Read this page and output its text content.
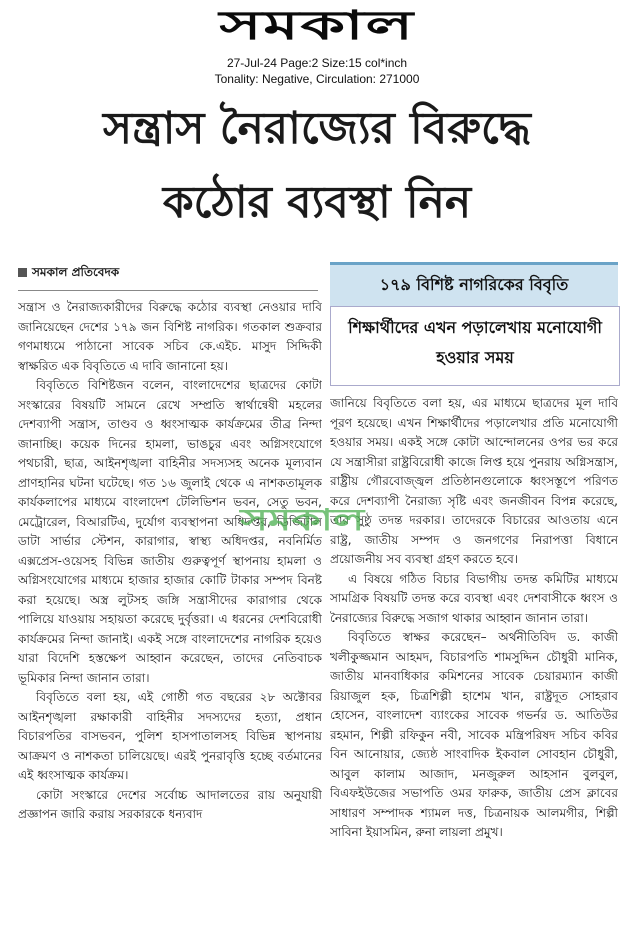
সমকাল
27-Jul-24 Page:2 Size:15 col*inch
Tonality: Negative, Circulation: 271000
সন্ত্রাস নৈরাজ্যের বিরুদ্ধে
কঠোর ব্যবস্থা নিন
সমকাল প্রতিবেদক

সন্ত্রাস ও নৈরাজ্যকারীদের বিরুদ্ধে কঠোর ব্যবস্থা নেওয়ার দাবি জানিয়েছেন দেশের ১৭৯ জন বিশিষ্ট নাগরিক। গতকাল শুক্রবার গণমাধ্যমে পাঠানো সাবেক সচিব কে.এইচ. মাসুদ সিদ্দিকী স্বাক্ষরিত এক বিবৃতিতে এ দাবি জানানো হয়।

বিবৃতিতে বিশিষ্টজন বলেন, বাংলাদেশের ছাত্রদের কোটা সংস্কারের বিষয়টি সামনে রেখে সম্প্রতি স্বার্থান্বেষী মহলের দেশব্যাপী সন্ত্রাস, তাণ্ডব ও ধ্বংসাত্মক কার্যক্রমের তীব্র নিন্দা জানাচ্ছি। কয়েক দিনের হামলা, ভাঙচুর এবং অগ্নিসংযোগে পথচারী, ছাত্র, আইনশৃঙ্খলা বাহিনীর সদস্যসহ অনেক মূল্যবান প্রাণহানির ঘটনা ঘটেছে। গত ১৬ জুলাই থেকে এ নাশকতামূলক কার্যকলাপের মাধ্যমে বাংলাদেশ টেলিভিশন ভবন, সেতু ভবন, মেট্রোরেল, বিআরটিএ, দুর্যোগ ব্যবস্থাপনা অধিদপ্তর, ডিজিটাল ডাটা সার্ভার স্টেশন, কারাগার, স্বাস্থ্য অধিদপ্তর, নবনির্মিত এক্সপ্রেস-ওয়েসহ বিভিন্ন জাতীয় গুরুত্বপূর্ণ স্থাপনায় হামলা ও অগ্নিসংযোগের মাধ্যমে হাজার হাজার কোটি টাকার সম্পদ বিনষ্ট করা হয়েছে। অস্ত্র লুটসহ জঙ্গি সন্ত্রাসীদের কারাগার থেকে পালিয়ে যাওয়ায় সহায়তা করেছে দুর্বৃত্তরা। এ ধরনের দেশবিরোধী কার্যক্রমের নিন্দা জানাই। একই সঙ্গে বাংলাদেশের নাগরিক হয়েও যারা বিদেশি হস্তক্ষেপ আহ্বান করেছেন, তাদের নেতিবাচক ভূমিকার নিন্দা জানান তারা।

বিবৃতিতে বলা হয়, এই গোষ্ঠী গত বছরের ২৮ অক্টোবর আইনশৃঙ্খলা রক্ষাকারী বাহিনীর সদস্যদের হত্যা, প্রধান বিচারপতির বাসভবন, পুলিশ হাসপাতালসহ বিভিন্ন স্থাপনায় আক্রমণ ও নাশকতা চালিয়েছে। এরই পুনরাবৃত্তি হচ্ছে বর্তমানের এই ধ্বংসাত্মক কার্যক্রম।

কোটা সংস্কারে দেশের সর্বোচ্চ আদালতের রায় অনুযায়ী প্রজ্ঞাপন জারি করায় সরকারকে ধন্যবাদ

১৭৯ বিশিষ্ট নাগরিকের বিবৃতি
শিক্ষার্থীদের এখন পড়ালেখায় মনোযোগী হওয়ার সময়

জানিয়ে বিবৃতিতে বলা হয়, এর মাধ্যমে ছাত্রদের মূল দাবি পূরণ হয়েছে। এখন শিক্ষার্থীদের পড়ালেখার প্রতি মনোযোগী হওয়ার সময়। একই সঙ্গে কোটা আন্দোলনের ওপর ভর করে যে সন্ত্রাসীরা রাষ্ট্রবিরোধী কাজে লিপ্ত হয়ে পুনরায় অগ্নিসন্ত্রাস, রাষ্ট্রীয় গৌরবোজ্জ্বল প্রতিষ্ঠানগুলোকে ধ্বংসস্তূপে পরিণত করে দেশব্যাপী নৈরাজ্য সৃষ্টি এবং জনজীবন বিপন্ন করেছে, তার সুষ্ঠু তদন্ত দরকার। তাদেরকে বিচারের আওতায় এনে রাষ্ট্র, জাতীয় সম্পদ ও জনগণের নিরাপত্তা বিধানে প্রয়োজনীয় সব ব্যবস্থা গ্রহণ করতে হবে।

এ বিষয়ে গঠিত বিচার বিভাগীয় তদন্ত কমিটির মাধ্যমে সামগ্রিক বিষয়টি তদন্ত করে ব্যবস্থা এবং দেশবাসীকে ধ্বংস ও নৈরাজ্যের বিরুদ্ধে সজাগ থাকার আহ্বান জানান তারা।

বিবৃতিতে স্বাক্ষর করেছেন– অর্থনীতিবিদ ড. কাজী খলীকুজ্জমান আহমদ, বিচারপতি শামসুদ্দিন চৌধুরী মানিক, জাতীয় মানবাধিকার কমিশনের সাবেক চেয়ারম্যান কাজী রিয়াজুল হক, চিত্রশিল্পী হাশেম খান, রাষ্ট্রদূত সোহরাব হোসেন, বাংলাদেশ ব্যাংকের সাবেক গভর্নর ড. আতিউর রহমান, শিল্পী রফিকুন নবী, সাবেক মন্ত্রিপরিষদ সচিব কবির বিন আনোয়ার, জ্যেষ্ঠ সাংবাদিক ইকবাল সোবহান চৌধুরী, আবুল কালাম আজাদ, মনজুরুল আহসান বুলবুল, বিএফইউজের সভাপতি ওমর ফারুক, জাতীয় প্রেস ক্লাবের সাধারণ সম্পাদক শ্যামল দত্ত, চিত্রনায়ক আলমগীর, শিল্পী সাবিনা ইয়াসমিন, রুনা লায়লা প্রমুখ।

সমকাল
